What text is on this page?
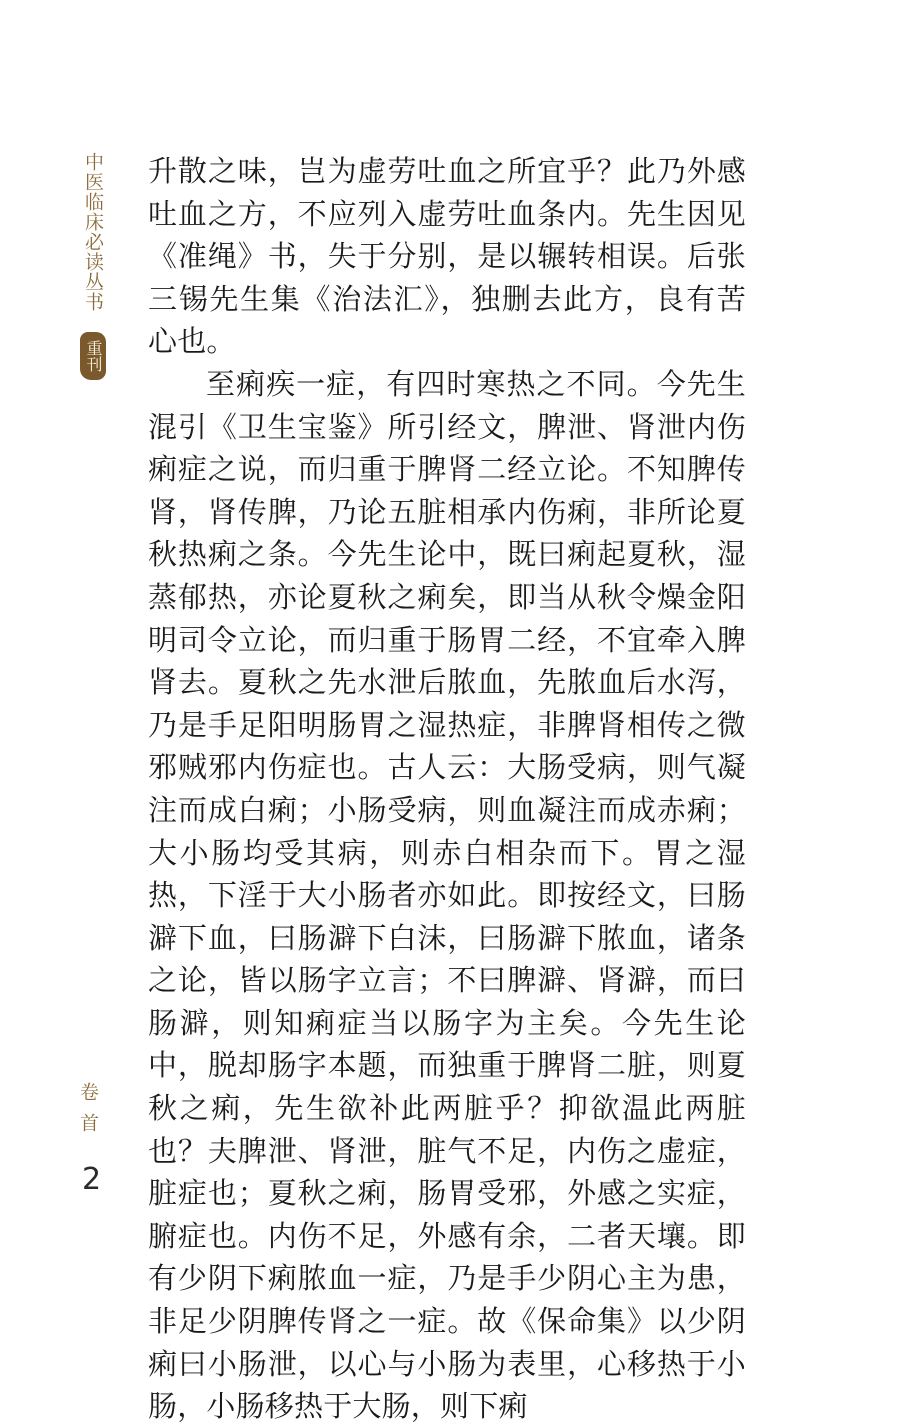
中医临床必读丛书
重刊

升散之味，岂为虚劳吐血之所宜乎？此乃外感吐血之方，不应列入虚劳吐血条内。先生因见《准绳》书，失于分别，是以辗转相误。后张三锡先生集《治法汇》，独删去此方，良有苦心也。

至痢疾一症，有四时寒热之不同。今先生混引《卫生宝鉴》所引经文，脾泄、肾泄内伤痢症之说，而归重于脾肾二经立论。不知脾传肾，肾传脾，乃论五脏相承内伤痢，非所论夏秋热痢之条。今先生论中，既曰痢起夏秋，湿蒸郁热，亦论夏秋之痢矣，即当从秋令燥金阳明司令立论，而归重于肠胃二经，不宜牵入脾肾去。夏秋之先水泄后脓血，先脓血后水泻，乃是手足阳明肠胃之湿热症，非脾肾相传之微邪贼邪内伤症也。古人云：大肠受病，则气凝注而成白痢；小肠受病，则血凝注而成赤痢；大小肠均受其病，则赤白相杂而下。胃之湿热，下淫于大小肠者亦如此。即按经文，曰肠澼下血，曰肠澼下白沫，曰肠澼下脓血，诸条之论，皆以肠字立言；不曰脾澼、肾澼，而曰肠澼，则知痢症当以肠字为主矣。今先生论中，脱却肠字本题，而独重于脾肾二脏，则夏秋之痢，先生欲补此两脏乎？抑欲温此两脏也？夫脾泄、肾泄，脏气不足，内伤之虚症，脏症也；夏秋之痢，肠胃受邪，外感之实症，腑症也。内伤不足，外感有余，二者天壤。即有少阴下痢脓血一症，乃是手少阴心主为患，非足少阴脾传肾之一症。故《保命集》以少阴痢曰小肠泄，以心与小肠为表里，心移热于小肠，小肠移热于大肠，则下痢

卷首
2
